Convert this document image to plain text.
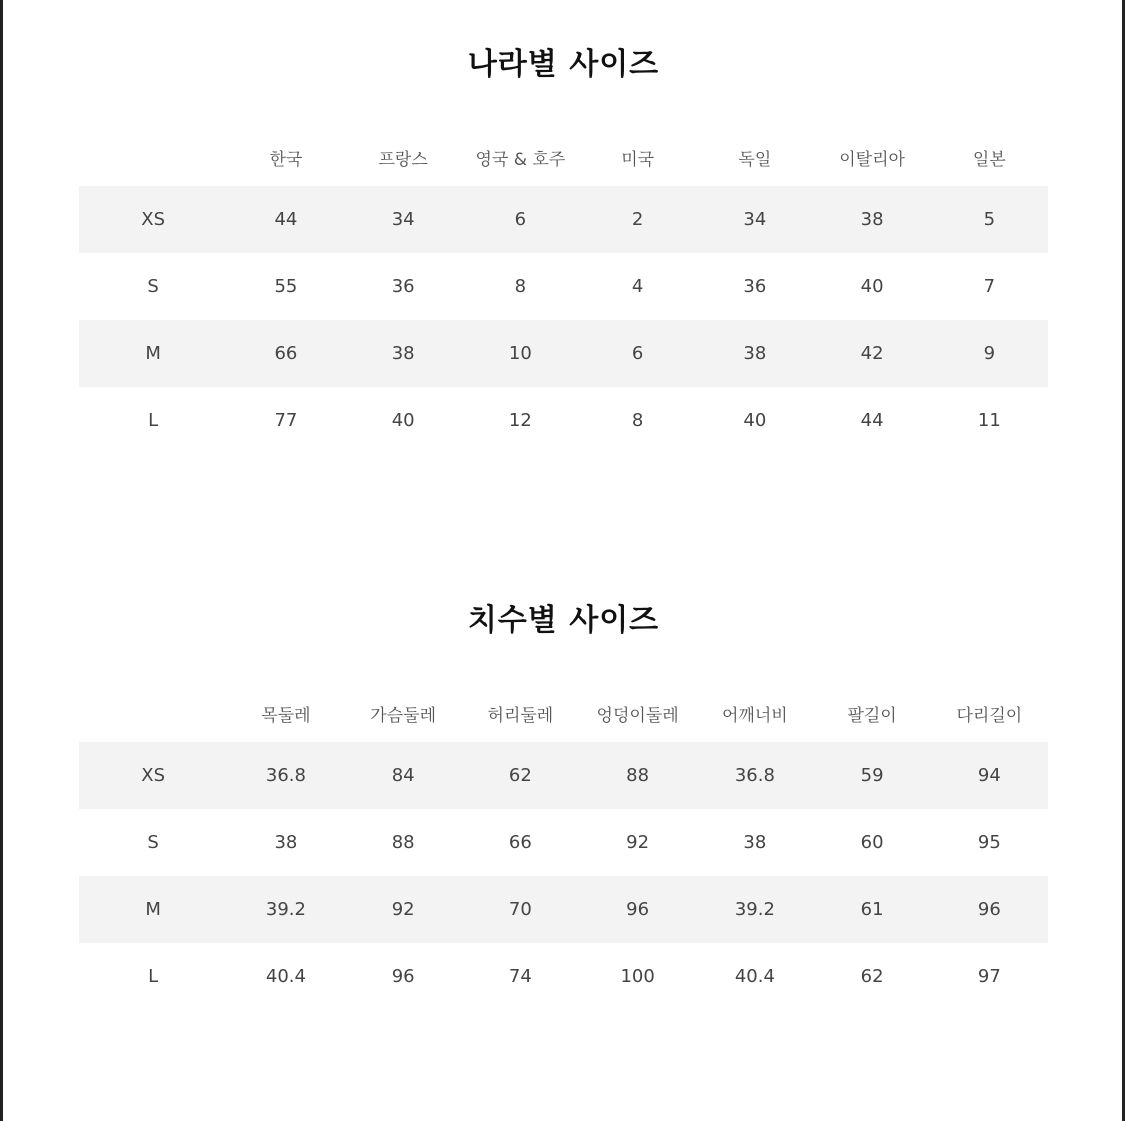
나라별 사이즈
	한국	프랑스	영국 & 호주	미국	독일	이탈리아	일본
XS	44	34	6	2	34	38	5
S	55	36	8	4	36	40	7
M	66	38	10	6	38	42	9
L	77	40	12	8	40	44	11
치수별 사이즈
	목둘레	가슴둘레	허리둘레	엉덩이둘레	어깨너비	팔길이	다리길이
XS	36.8	84	62	88	36.8	59	94
S	38	88	66	92	38	60	95
M	39.2	92	70	96	39.2	61	96
L	40.4	96	74	100	40.4	62	97
